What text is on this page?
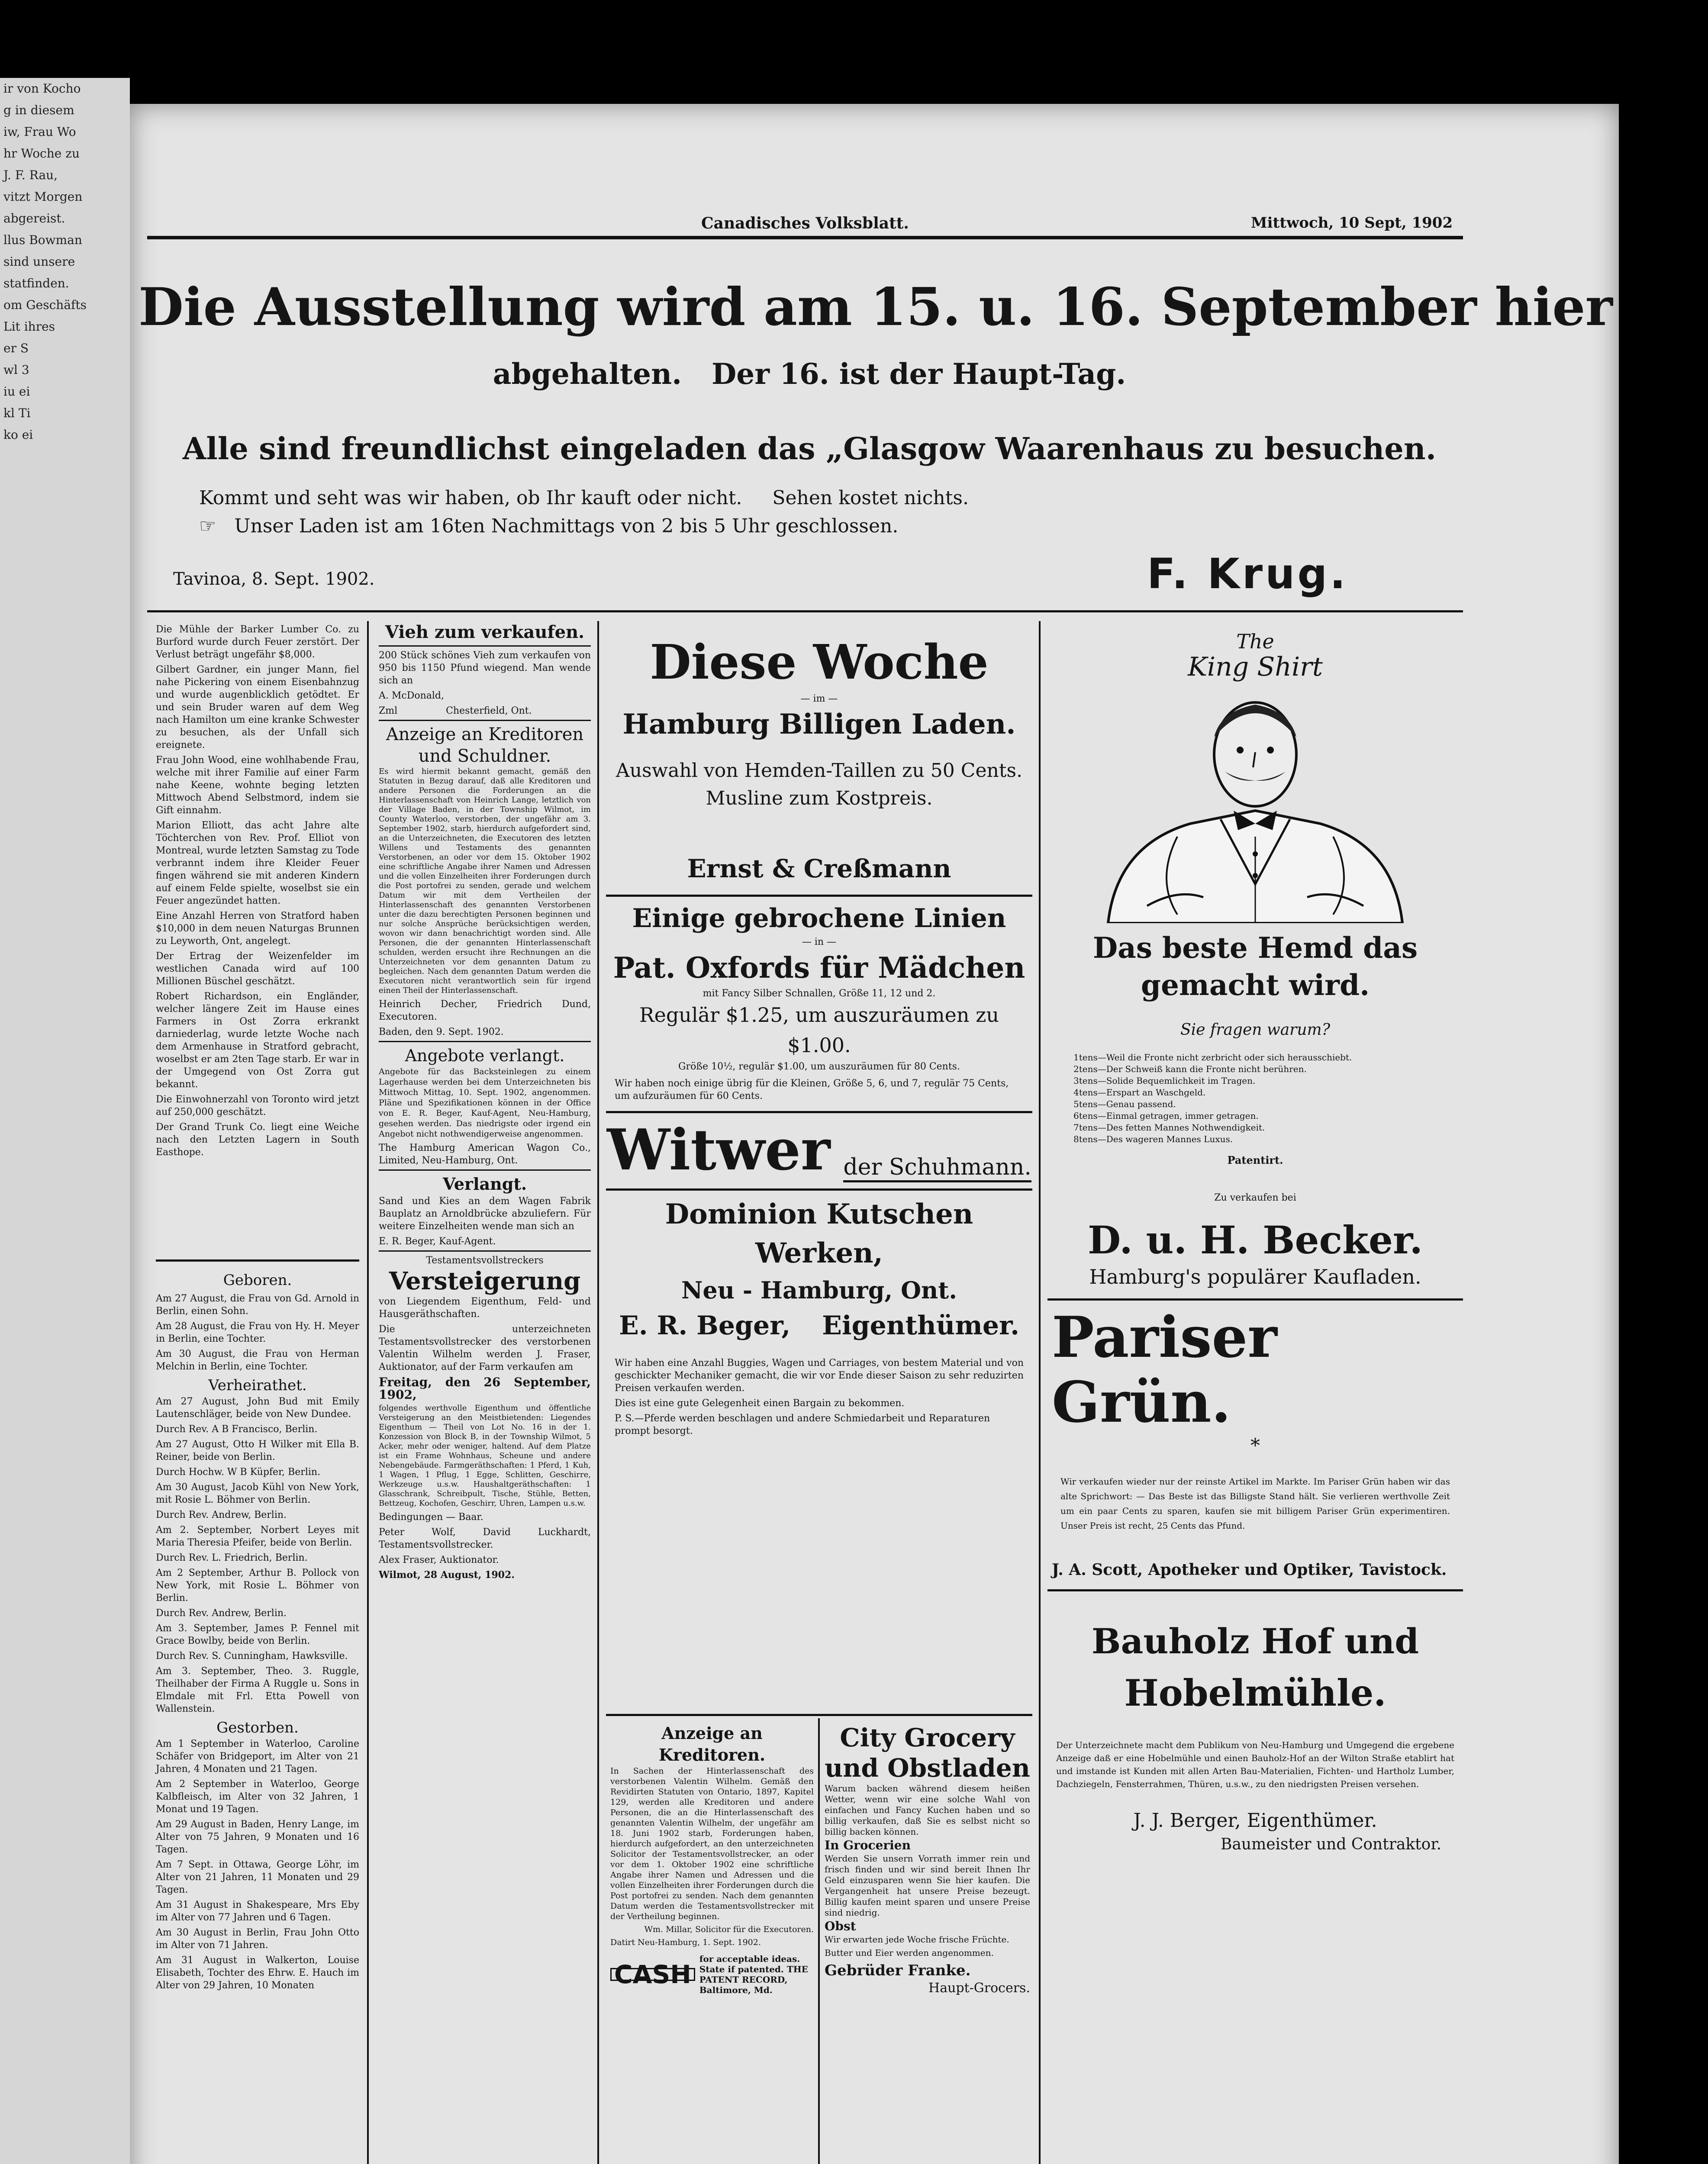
ir von Kocho
g in diesem
iw, Frau Wo
hr Woche zu
J. F. Rau,
vitzt Morgen
abgereist.
llus Bowman
sind unsere
statfinden.
om Geschäfts
Lit ihres
er S
wl 3
iu ei
kl Ti
ko ei
Canadisches Volksblatt.	Mittwoch, 10 Sept, 1902
Die Ausstellung wird am 15. u. 16. September hier
abgehalten.   Der 16. ist der Haupt-Tag.
Alle sind freundlichst eingeladen das „Glasgow Waarenhaus zu besuchen.
Kommt und seht was wir haben, ob Ihr kauft oder nicht.     Sehen kostet nichts.
☞   Unser Laden ist am 16ten Nachmittags von 2 bis 5 Uhr geschlossen.
Tavinoa, 8. Sept. 1902.	F. Krug.

Die Mühle der Barker Lumber Co. zu Burford wurde durch Feuer zerstört. Der Verlust beträgt ungefähr $8,000.

Gilbert Gardner, ein junger Mann, fiel nahe Pickering von einem Eisenbahnzug und wurde augenblicklich getödtet. Er und sein Bruder waren auf dem Weg nach Hamilton um eine kranke Schwester zu besuchen, als der Unfall sich ereignete.

Frau John Wood, eine wohlhabende Frau, welche mit ihrer Familie auf einer Farm nahe Keene, wohnte beging letzten Mittwoch Abend Selbstmord, indem sie Gift einnahm.

Marion Elliott, das acht Jahre alte Töchterchen von Rev. Prof. Elliot von Montreal, wurde letzten Samstag zu Tode verbrannt indem ihre Kleider Feuer fingen während sie mit anderen Kindern auf einem Felde spielte, woselbst sie ein Feuer angezündet hatten.

Eine Anzahl Herren von Stratford haben $10,000 in dem neuen Naturgas Brunnen zu Leyworth, Ont, angelegt.

Der Ertrag der Weizenfelder im westlichen Canada wird auf 100 Millionen Büschel geschätzt.

Robert Richardson, ein Engländer, welcher längere Zeit im Hause eines Farmers in Ost Zorra erkrankt darniederlag, wurde letzte Woche nach dem Armenhause in Stratford gebracht, woselbst er am 2ten Tage starb. Er war in der Umgegend von Ost Zorra gut bekannt.

Die Einwohnerzahl von Toronto wird jetzt auf 250,000 geschätzt.

Der Grand Trunk Co. liegt eine Weiche nach den Letzten Lagern in South Easthope.

Geboren.

Am 27 August, die Frau von Gd. Arnold in Berlin, einen Sohn.

Am 28 August, die Frau von Hy. H. Meyer in Berlin, eine Tochter.

Am 30 August, die Frau von Herman Melchin in Berlin, eine Tochter.

Verheirathet.

Am 27 August, John Bud mit Emily Lautenschläger, beide von New Dundee.

Durch Rev. A B Francisco, Berlin.

Am 27 August, Otto H Wilker mit Ella B. Reiner, beide von Berlin.

Durch Hochw. W B Küpfer, Berlin.

Am 30 August, Jacob Kühl von New York, mit Rosie L. Böhmer von Berlin.

Durch Rev. Andrew, Berlin.

Am 2. September, Norbert Leyes mit Maria Theresia Pfeifer, beide von Berlin.

Durch Rev. L. Friedrich, Berlin.

Am 2 September, Arthur B. Pollock von New York, mit Rosie L. Böhmer von Berlin.

Durch Rev. Andrew, Berlin.

Am 3. September, James P. Fennel mit Grace Bowlby, beide von Berlin.

Durch Rev. S. Cunningham, Hawksville.

Am 3. September, Theo. 3. Ruggle, Theilhaber der Firma A Ruggle u. Sons in Elmdale mit Frl. Etta Powell von Wallenstein.

Gestorben.

Am 1 September in Waterloo, Caroline Schäfer von Bridgeport, im Alter von 21 Jahren, 4 Monaten und 21 Tagen.

Am 2 September in Waterloo, George Kalbfleisch, im Alter von 32 Jahren, 1 Monat und 19 Tagen.

Am 29 August in Baden, Henry Lange, im Alter von 75 Jahren, 9 Monaten und 16 Tagen.

Am 7 Sept. in Ottawa, George Löhr, im Alter von 21 Jahren, 11 Monaten und 29 Tagen.

Am 31 August in Shakespeare, Mrs Eby im Alter von 77 Jahren und 6 Tagen.

Am 30 August in Berlin, Frau John Otto im Alter von 71 Jahren.

Am 31 August in Walkerton, Louise Elisabeth, Tochter des Ehrw. E. Hauch im Alter von 29 Jahren, 10 Monaten

Vieh zum verkaufen.

200 Stück schönes Vieh zum verkaufen von 950 bis 1150 Pfund wiegend. Man wende sich an

A. McDonald,

Zml                Chesterfield, Ont.

Anzeige an Kreditoren und Schuldner.

Es wird hiermit bekannt gemacht, gemäß den Statuten in Bezug darauf, daß alle Kreditoren und andere Personen die Forderungen an die Hinterlassenschaft von Heinrich Lange, letztlich von der Village Baden, in der Township Wilmot, im County Waterloo, verstorben, der ungefähr am 3. September 1902, starb, hierdurch aufgefordert sind, an die Unterzeichneten, die Executoren des letzten Willens und Testaments des genannten Verstorbenen, an oder vor dem 15. Oktober 1902 eine schriftliche Angabe ihrer Namen und Adressen und die vollen Einzelheiten ihrer Forderungen durch die Post portofrei zu senden, gerade und welchem Datum wir mit dem Vertheilen der Hinterlassenschaft des genannten Verstorbenen unter die dazu berechtigten Personen beginnen und nur solche Ansprüche berücksichtigen werden, wovon wir dann benachrichtigt worden sind. Alle Personen, die der genannten Hinterlassenschaft schulden, werden ersucht ihre Rechnungen an die Unterzeichneten vor dem genannten Datum zu begleichen. Nach dem genannten Datum werden die Executoren nicht verantwortlich sein für irgend einen Theil der Hinterlassenschaft.

Heinrich Decher, Friedrich Dund, Executoren.

Baden, den 9. Sept. 1902.

Angebote verlangt.

Angebote für das Backsteinlegen zu einem Lagerhause werden bei dem Unterzeichneten bis Mittwoch Mittag, 10. Sept. 1902, angenommen. Pläne und Spezifikationen können in der Office von E. R. Beger, Kauf-Agent, Neu-Hamburg, gesehen werden. Das niedrigste oder irgend ein Angebot nicht nothwendigerweise angenommen.

The Hamburg American Wagon Co., Limited, Neu-Hamburg, Ont.

Verlangt.

Sand und Kies an dem Wagen Fabrik Bauplatz an Arnoldbrücke abzuliefern. Für weitere Einzelheiten wende man sich an

E. R. Beger, Kauf-Agent.

Testamentsvollstreckers
Versteigerung

von Liegendem Eigenthum, Feld- und Hausgeräthschaften.

Die unterzeichneten Testamentsvollstrecker des verstorbenen Valentin Wilhelm werden J. Fraser, Auktionator, auf der Farm verkaufen am

Freitag, den 26 September, 1902,

folgendes werthvolle Eigenthum und öffentliche Versteigerung an den Meistbietenden: Liegendes Eigenthum — Theil von Lot No. 16 in der 1. Konzession von Block B, in der Township Wilmot, 5 Acker, mehr oder weniger, haltend. Auf dem Platze ist ein Frame Wohnhaus, Scheune und andere Nebengebäude. Farmgeräthschaften: 1 Pferd, 1 Kuh, 1 Wagen, 1 Pflug, 1 Egge, Schlitten, Geschirre, Werkzeuge u.s.w. Haushaltgeräthschaften: 1 Glasschrank, Schreibpult, Tische, Stühle, Betten, Bettzeug, Kochofen, Geschirr, Uhren, Lampen u.s.w.

Bedingungen — Baar.

Peter Wolf, David Luckhardt, Testamentsvollstrecker.

Alex Fraser, Auktionator.

Wilmot, 28 August, 1902.

Diese Woche
— im —
Hamburg Billigen Laden.
Auswahl von Hemden-Taillen zu 50 Cents.
Musline zum Kostpreis.
Ernst & Creßmann
Einige gebrochene Linien
— in —
Pat. Oxfords für Mädchen
mit Fancy Silber Schnallen, Größe 11, 12 und 2.
Regulär $1.25, um auszuräumen zu $1.00.
Größe 10½, regulär $1.00, um auszuräumen für 80 Cents.
Wir haben noch einige übrig für die Kleinen, Größe 5, 6, und 7, regulär 75 Cents, um aufzuräumen für 60 Cents.
Witwer der Schuhmann.
Dominion Kutschen Werken,
Neu - Hamburg, Ont.
E. R. Beger, Eigenthümer.
Wir haben eine Anzahl Buggies, Wagen und Carriages, von bestem Material und von geschickter Mechaniker gemacht, die wir vor Ende dieser Saison zu sehr reduzirten Preisen verkaufen werden.
Dies ist eine gute Gelegenheit einen Bargain zu bekommen.
P. S.—Pferde werden beschlagen und andere Schmiedarbeit und Reparaturen prompt besorgt.
Anzeige an Kreditoren.

In Sachen der Hinterlassenschaft des verstorbenen Valentin Wilhelm. Gemäß den Revidirten Statuten von Ontario, 1897, Kapitel 129, werden alle Kreditoren und andere Personen, die an die Hinterlassenschaft des genannten Valentin Wilhelm, der ungefähr am 18. Juni 1902 starb, Forderungen haben, hierdurch aufgefordert, an den unterzeichneten Solicitor der Testamentsvollstrecker, an oder vor dem 1. Oktober 1902 eine schriftliche Angabe ihrer Namen und Adressen und die vollen Einzelheiten ihrer Forderungen durch die Post portofrei zu senden. Nach dem genannten Datum werden die Testamentsvollstrecker mit der Vertheilung beginnen.

Wm. Millar, Solicitor für die Executoren.

Datirt Neu-Hamburg, 1. Sept. 1902.

CASH
for acceptable ideas. State if patented. THE PATENT RECORD, Baltimore, Md.
City Grocery und Obstladen

Warum backen während diesem heißen Wetter, wenn wir eine solche Wahl von einfachen und Fancy Kuchen haben und so billig verkaufen, daß Sie es selbst nicht so billig backen können.

In Grocerien

Werden Sie unsern Vorrath immer rein und frisch finden und wir sind bereit Ihnen Ihr Geld einzusparen wenn Sie hier kaufen. Die Vergangenheit hat unsere Preise bezeugt. Billig kaufen meint sparen und unsere Preise sind niedrig.

Obst

Wir erwarten jede Woche frische Früchte.

Butter und Eier werden angenommen.

Gebrüder Franke.

Haupt-Grocers.

The
King Shirt
Das beste Hemd das gemacht wird.
Sie fragen warum?
1tens—Weil die Fronte nicht zerbricht oder sich herausschiebt.
2tens—Der Schweiß kann die Fronte nicht berühren.
3tens—Solide Bequemlichkeit im Tragen.
4tens—Erspart an Waschgeld.
5tens—Genau passend.
6tens—Einmal getragen, immer getragen.
7tens—Des fetten Mannes Nothwendigkeit.
8tens—Des wageren Mannes Luxus.
Patentirt.
Zu verkaufen bei
D. u. H. Becker.
Hamburg's populärer Kaufladen.
Pariser Grün.
*
Wir verkaufen wieder nur der reinste Artikel im Markte. Im Pariser Grün haben wir das alte Sprichwort: — Das Beste ist das Billigste Stand hält. Sie verlieren werthvolle Zeit um ein paar Cents zu sparen, kaufen sie mit billigem Pariser Grün experimentiren. Unser Preis ist recht, 25 Cents das Pfund.
J. A. Scott, Apotheker und Optiker, Tavistock.
Bauholz Hof und
Hobelmühle.
Der Unterzeichnete macht dem Publikum von Neu-Hamburg und Umgegend die ergebene Anzeige daß er eine Hobelmühle und einen Bauholz-Hof an der Wilton Straße etablirt hat und imstande ist Kunden mit allen Arten Bau-Materialien, Fichten- und Hartholz Lumber, Dachziegeln, Fensterrahmen, Thüren, u.s.w., zu den niedrigsten Preisen versehen.
J. J. Berger, Eigenthümer.
Baumeister und Contraktor.
